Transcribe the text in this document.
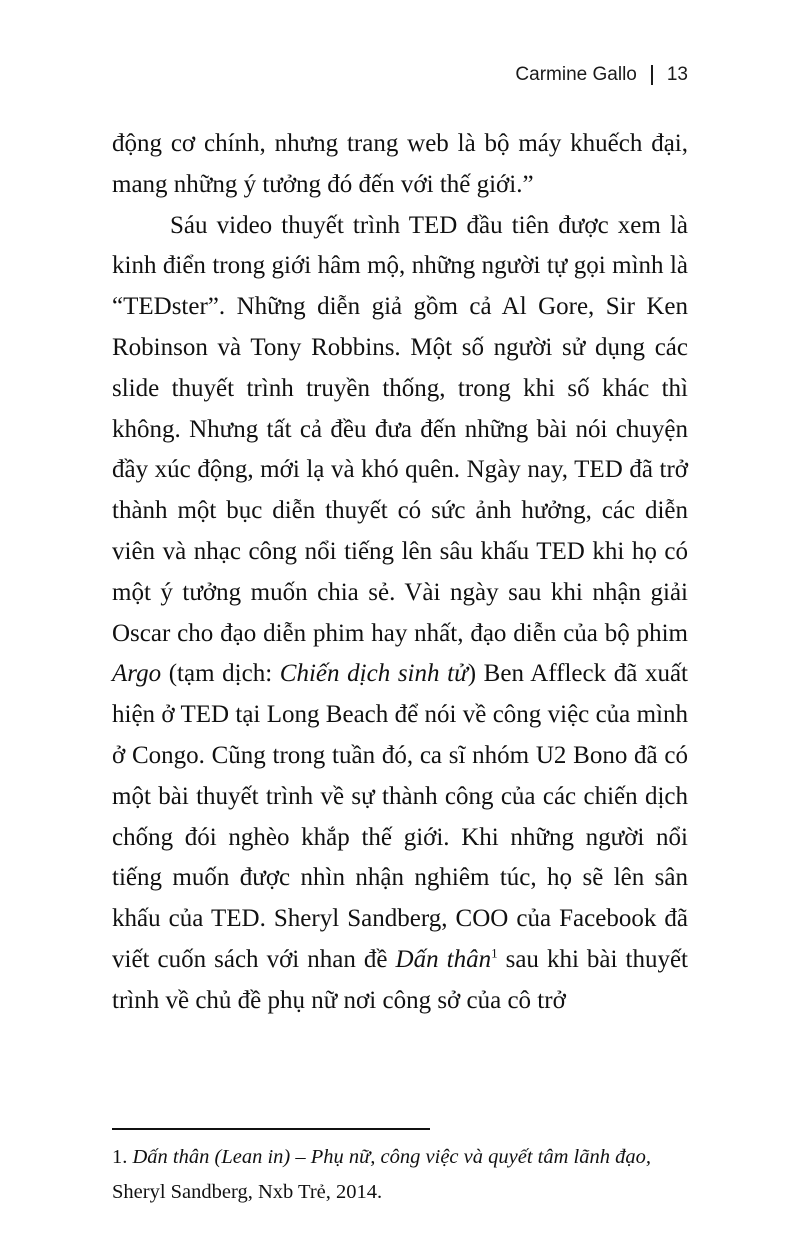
Carmine Gallo 13

động cơ chính, nhưng trang web là bộ máy khuếch đại, mang những ý tưởng đó đến với thế giới.”

Sáu video thuyết trình TED đầu tiên được xem là kinh điển trong giới hâm mộ, những người tự gọi mình là “TEDster”. Những diễn giả gồm cả Al Gore, Sir Ken Robinson và Tony Robbins. Một số người sử dụng các slide thuyết trình truyền thống, trong khi số khác thì không. Nhưng tất cả đều đưa đến những bài nói chuyện đầy xúc động, mới lạ và khó quên. Ngày nay, TED đã trở thành một bục diễn thuyết có sức ảnh hưởng, các diễn viên và nhạc công nổi tiếng lên sâu khấu TED khi họ có một ý tưởng muốn chia sẻ. Vài ngày sau khi nhận giải Oscar cho đạo diễn phim hay nhất, đạo diễn của bộ phim Argo (tạm dịch: Chiến dịch sinh tử) Ben Affleck đã xuất hiện ở TED tại Long Beach để nói về công việc của mình ở Congo. Cũng trong tuần đó, ca sĩ nhóm U2 Bono đã có một bài thuyết trình về sự thành công của các chiến dịch chống đói nghèo khắp thế giới. Khi những người nổi tiếng muốn được nhìn nhận nghiêm túc, họ sẽ lên sân khấu của TED. Sheryl Sandberg, COO của Facebook đã viết cuốn sách với nhan đề Dấn thân$^1$ sau khi bài thuyết trình về chủ đề phụ nữ nơi công sở của cô trở

1. Dấn thân (Lean in) – Phụ nữ, công việc và quyết tâm lãnh đạo,

Sheryl Sandberg, Nxb Trẻ, 2014.
